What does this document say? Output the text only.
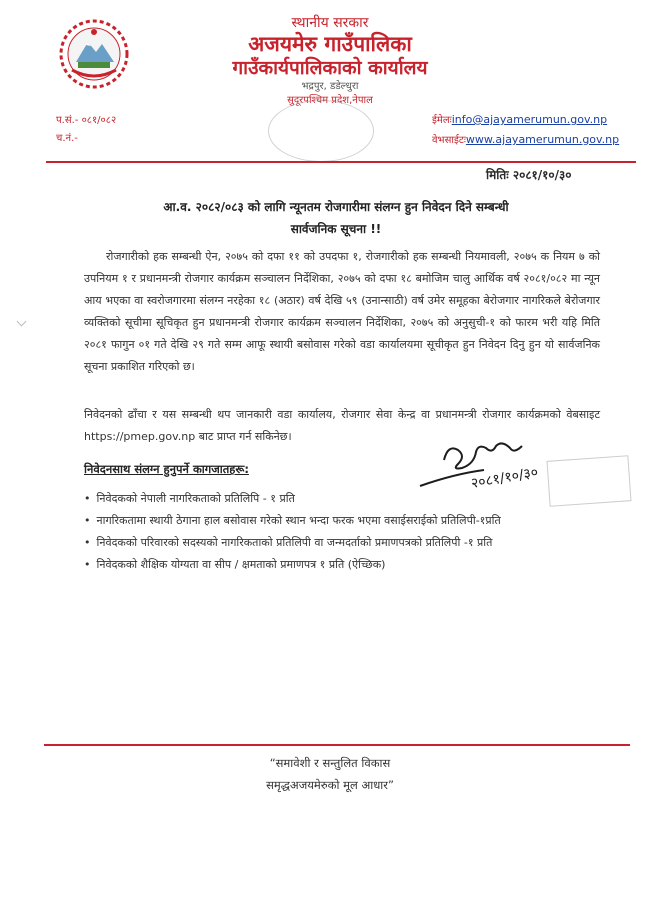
स्थानीय सरकार
अजयमेरु गाउँपालिका
गाउँकार्यपालिकाको कार्यालय
भद्रपुर, डडेल्धुरा
सुदूरपश्चिम प्रदेश,नेपाल
प.सं.- ०८१/०८२
च.नं.-
ईमेलःinfo@ajayamerumun.gov.np
वेभसाईटःwww.ajayamerumun.gov.np
मितिः २०८१/१०/३०
आ.व. २०८२/०८३ को लागि न्यूनतम रोजगारीमा संलग्न हुन निवेदन दिने सम्बन्धी
सार्वजनिक सूचना !!
रोजगारीको हक सम्बन्धी ऐन, २०७५ को दफा ११ को उपदफा १, रोजगारीको हक सम्बन्धी नियमावली, २०७५ क नियम ७ को उपनियम १ र प्रधानमन्त्री रोजगार कार्यक्रम सञ्चालन निर्देशिका, २०७५ को दफा १८ बमोजिम चालु आर्थिक वर्ष २०८१/०८२ मा न्यून आय भएका वा स्वरोजगारमा संलग्न नरहेका १८ (अठार) वर्ष देखि ५९ (उनान्साठी) वर्ष उमेर समूहका बेरोजगार नागरिकले बेरोजगार व्यक्तिको सूचीमा सूचिकृत हुन प्रधानमन्त्री रोजगार कार्यक्रम सञ्चालन निर्देशिका, २०७५ को अनुसुची-१ को फारम भरी यहि मिति २०८१ फागुन ०१ गते देखि २९ गते सम्म आफू स्थायी बसोवास गरेको वडा कार्यालयमा सूचीकृत हुन निवेदन दिनु हुन यो सार्वजनिक सूचना प्रकाशित गरिएको छ।
निवेदनको ढाँचा र यस सम्बन्धी थप जानकारी वडा कार्यालय, रोजगार सेवा केन्द्र वा प्रधानमन्त्री रोजगार कार्यक्रमको वेबसाइट https://pmep.gov.np बाट प्राप्त गर्न सकिनेछ।
निवेदनसाथ संलग्न हुनुपर्ने कागजातहरू:
• निवेदकको नेपाली नागरिकताको प्रतिलिपि - १ प्रति
• नागरिकतामा स्थायी ठेगाना हाल बसोवास गरेको स्थान भन्दा फरक भएमा वसाईसराईको प्रतिलिपी-१प्रति
• निवेदकको परिवारको सदस्यको नागरिकताको प्रतिलिपी वा जन्मदर्ताको प्रमाणपत्रको प्रतिलिपी -१ प्रति
• निवेदकको शैक्षिक योग्यता वा सीप / क्षमताको प्रमाणपत्र १ प्रति (ऐच्छिक)
२०८१/१०/३०
“समावेशी र सन्तुलित विकास
समृद्धअजयमेरुको मूल आधार”
